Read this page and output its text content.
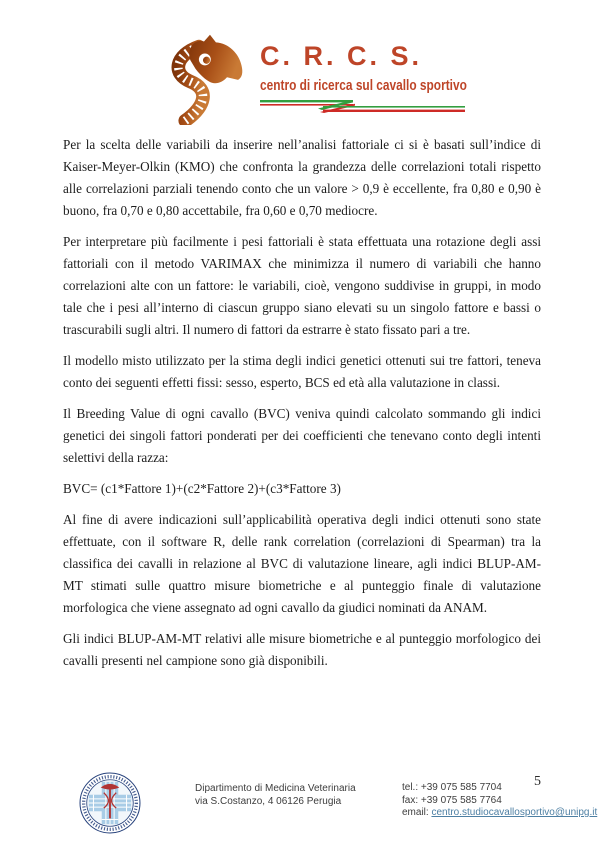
C. R. C. S.
centro di ricerca sul cavallo sportivo

Per la scelta delle variabili da inserire nell’analisi fattoriale ci si è basati sull’indice di Kaiser-Meyer-Olkin (KMO) che confronta la grandezza delle correlazioni totali rispetto alle correlazioni parziali tenendo conto che un valore > 0,9 è eccellente, fra 0,80 e 0,90 è buono, fra 0,70 e 0,80 accettabile, fra 0,60 e 0,70 mediocre.

Per interpretare più facilmente i pesi fattoriali è stata effettuata una rotazione degli assi fattoriali con il metodo VARIMAX che minimizza il numero di variabili che hanno correlazioni alte con un fattore: le variabili, cioè, vengono suddivise in gruppi, in modo tale che i pesi all’interno di ciascun gruppo siano elevati su un singolo fattore e bassi o trascurabili sugli altri. Il numero di fattori da estrarre è stato fissato pari a tre.

Il modello misto utilizzato per la stima degli indici genetici ottenuti sui tre fattori, teneva conto dei seguenti effetti fissi: sesso, esperto, BCS ed età alla valutazione in classi.

Il Breeding Value di ogni cavallo (BVC) veniva quindi calcolato sommando gli indici genetici dei singoli fattori ponderati per dei coefficienti che tenevano conto degli intenti selettivi della razza:

BVC= (c1*Fattore 1)+(c2*Fattore 2)+(c3*Fattore 3)

Al fine di avere indicazioni sull’applicabilità operativa degli indici ottenuti sono state effettuate, con il software R, delle rank correlation (correlazioni di Spearman) tra la classifica dei cavalli in relazione al BVC di valutazione lineare, agli indici BLUP-AM-MT stimati sulle quattro misure biometriche e al punteggio finale di valutazione morfologica che viene assegnato ad ogni cavallo da giudici nominati da ANAM.

Gli indici BLUP-AM-MT relativi alle misure biometriche e al punteggio morfologico dei cavalli presenti nel campione sono già disponibili.

Dipartimento di Medicina Veterinaria
via S.Costanzo, 4 06126 Perugia
tel.: +39 075 585 7704
fax: +39 075 585 7764
email: centro.studiocavallosportivo@unipg.it
5
